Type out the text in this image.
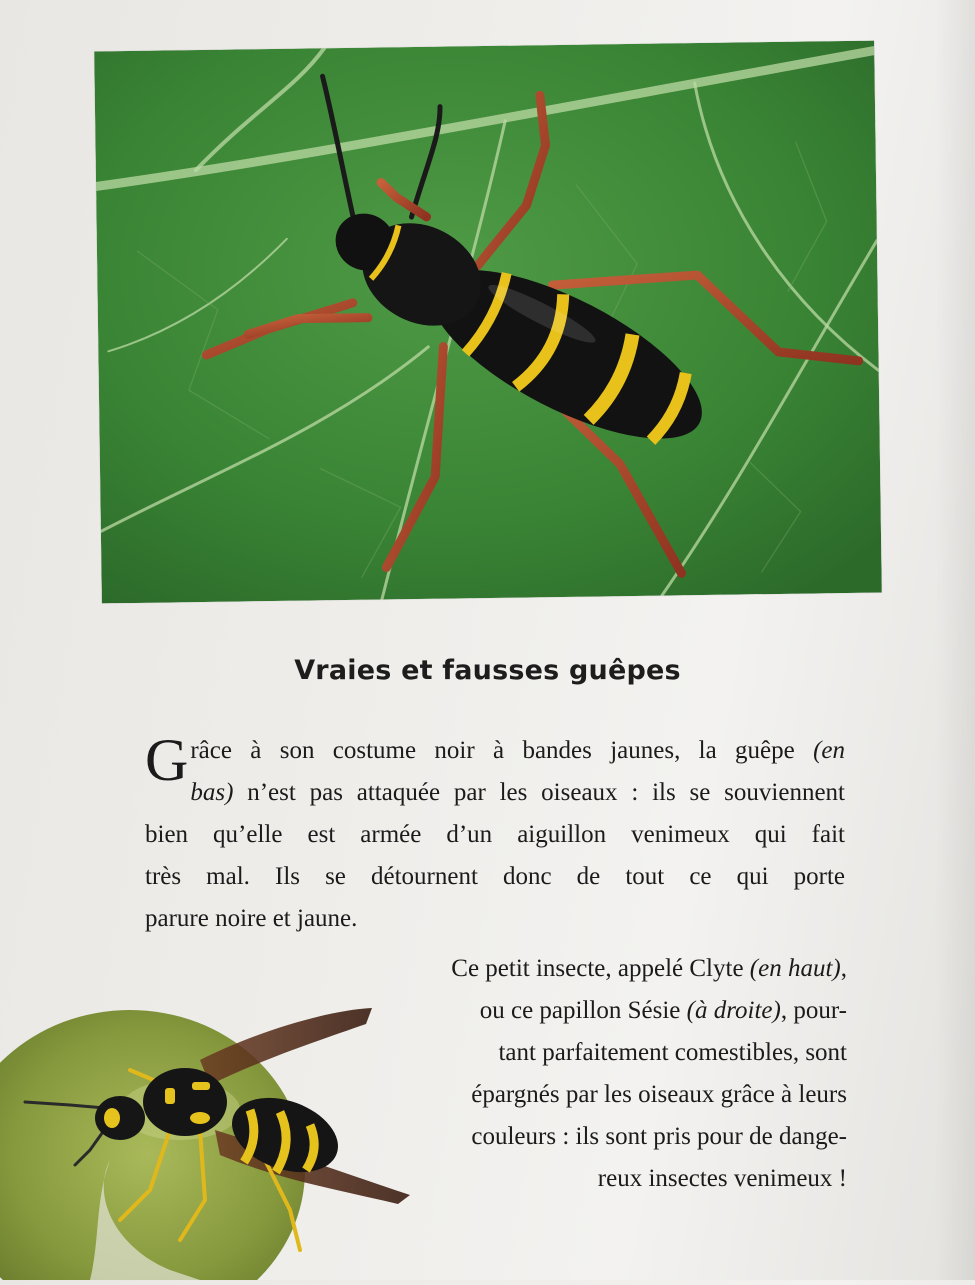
Vraies et fausses guêpes
G râce à son costume noir à bandes jaunes, la guêpe (en
bas) n’est pas attaquée par les oiseaux : ils se souviennent
bien qu’elle est armée d’un aiguillon venimeux qui fait
très mal. Ils se détournent donc de tout ce qui porte
parure noire et jaune.
Ce petit insecte, appelé Clyte (en haut),
ou ce papillon Sésie (à droite), pour-
tant parfaitement comestibles, sont
épargnés par les oiseaux grâce à leurs
couleurs : ils sont pris pour de dange-
reux insectes venimeux !
